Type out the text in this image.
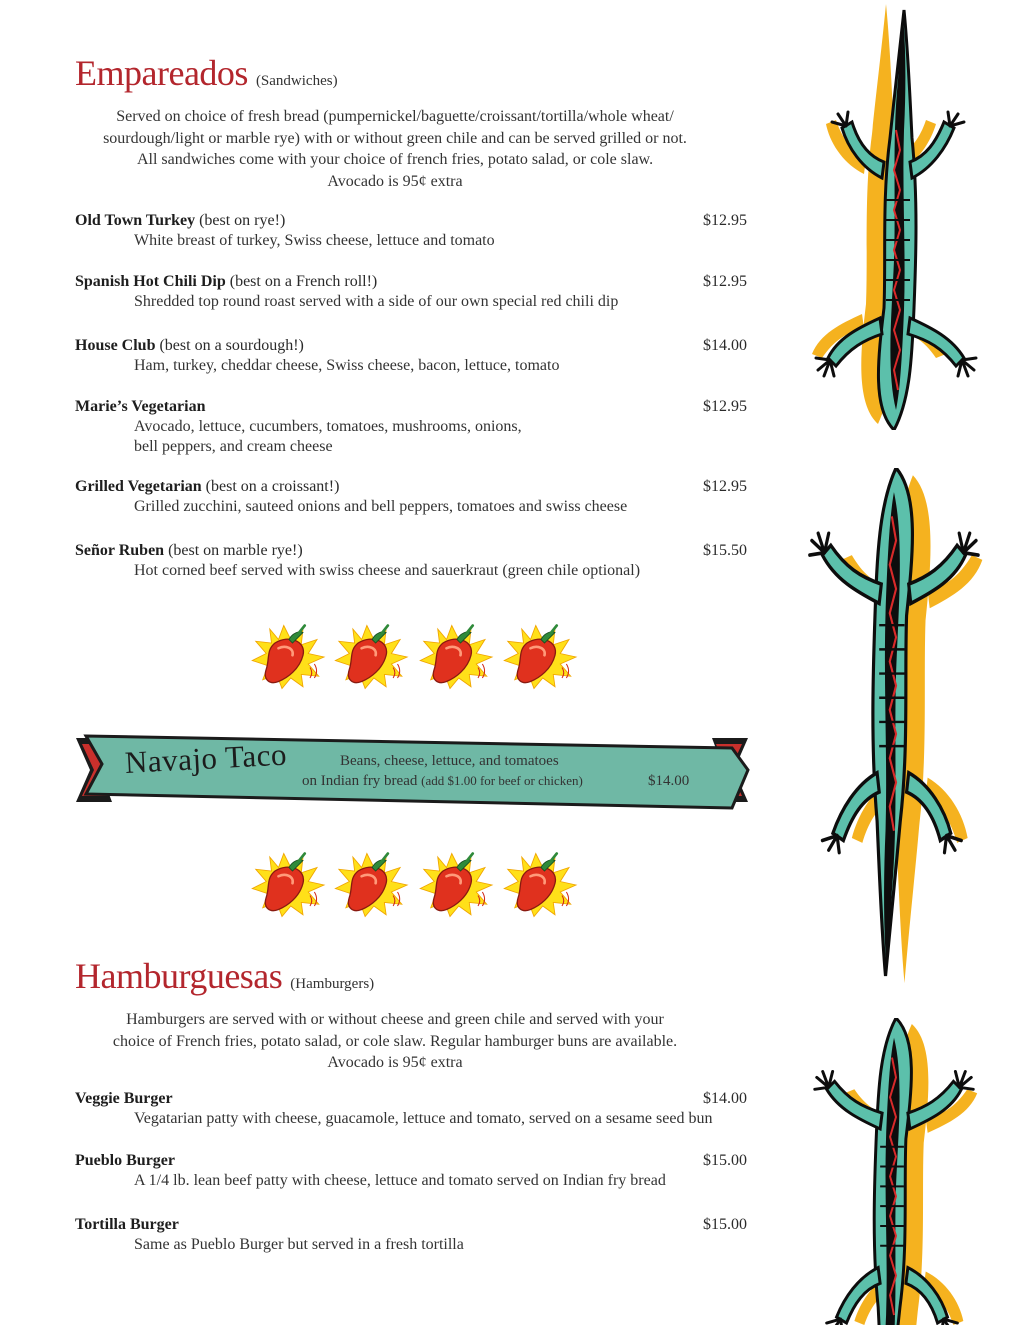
Empareados (Sandwiches)

Served on choice of fresh bread (pumpernickel/baguette/croissant/tortilla/whole wheat/
sourdough/light or marble rye) with or without green chile and can be served grilled or not.
All sandwiches come with your choice of french fries, potato salad, or cole slaw.
Avocado is 95¢ extra

Old Town Turkey (best on rye!)	$12.95
White breast of turkey, Swiss cheese, lettuce and tomato
Spanish Hot Chili Dip (best on a French roll!)	$12.95
Shredded top round roast served with a side of our own special red chili dip
House Club (best on a sourdough!)	$14.00
Ham, turkey, cheddar cheese, Swiss cheese, bacon, lettuce, tomato
Marie’s Vegetarian	$12.95
Avocado, lettuce, cucumbers, tomatoes, mushrooms, onions,
bell peppers, and cream cheese
Grilled Vegetarian (best on a croissant!)	$12.95
Grilled zucchini, sauteed onions and bell peppers, tomatoes and swiss cheese
Señor Ruben (best on marble rye!)	$15.50
Hot corned beef served with swiss cheese and sauerkraut (green chile optional)
Navajo Taco	Beans, cheese, lettuce, and tomatoes
on Indian fry bread (add $1.00 for beef or chicken)	$14.00
Hamburguesas (Hamburgers)

Hamburgers are served with or without cheese and green chile and served with your
choice of French fries, potato salad, or cole slaw. Regular hamburger buns are available.
Avocado is 95¢ extra

Veggie Burger	$14.00
Vegatarian patty with cheese, guacamole, lettuce and tomato, served on a sesame seed bun
Pueblo Burger	$15.00
A 1/4 lb. lean beef patty with cheese, lettuce and tomato served on Indian fry bread
Tortilla Burger	$15.00
Same as Pueblo Burger but served in a fresh tortilla
